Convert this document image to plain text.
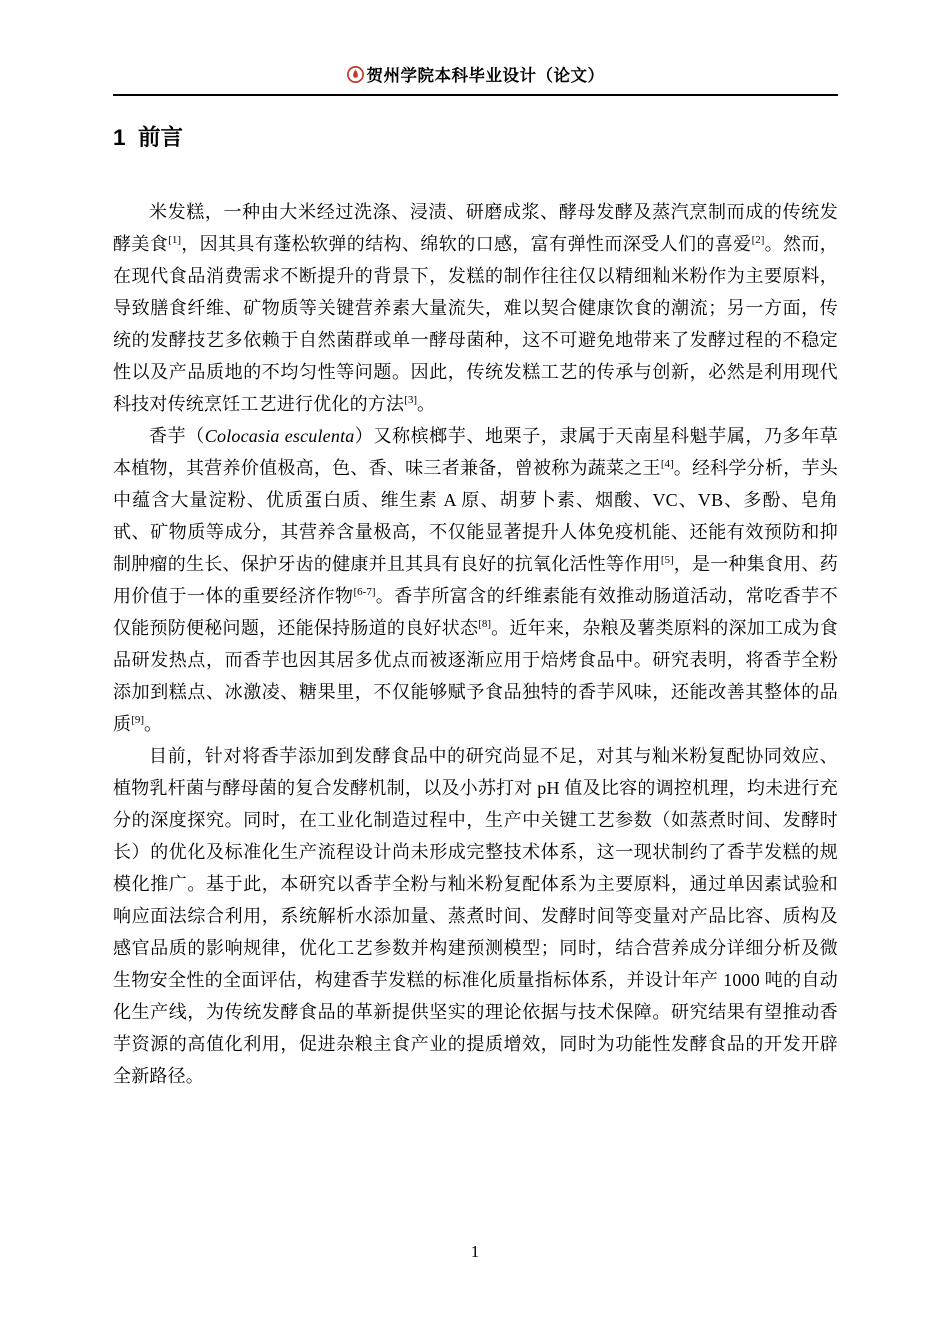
贺州学院本科毕业设计（论文）
1  前言

米发糕，一种由大米经过洗涤、浸渍、研磨成浆、酵母发酵及蒸汽烹制而成的传统发酵美食[1]，因其具有蓬松软弹的结构、绵软的口感，富有弹性而深受人们的喜爱[2]。然而，在现代食品消费需求不断提升的背景下，发糕的制作往往仅以精细籼米粉作为主要原料，导致膳食纤维、矿物质等关键营养素大量流失，难以契合健康饮食的潮流；另一方面，传统的发酵技艺多依赖于自然菌群或单一酵母菌种，这不可避免地带来了发酵过程的不稳定性以及产品质地的不均匀性等问题。因此，传统发糕工艺的传承与创新，必然是利用现代科技对传统烹饪工艺进行优化的方法[3]。

香芋（Colocasia esculenta）又称槟榔芋、地栗子，隶属于天南星科魁芋属，乃多年草本植物，其营养价值极高，色、香、味三者兼备，曾被称为蔬菜之王[4]。经科学分析，芋头中蕴含大量淀粉、优质蛋白质、维生素 A 原、胡萝卜素、烟酸、VC、VB、多酚、皂角甙、矿物质等成分，其营养含量极高，不仅能显著提升人体免疫机能、还能有效预防和抑制肿瘤的生长、保护牙齿的健康并且其具有良好的抗氧化活性等作用[5]，是一种集食用、药用价值于一体的重要经济作物[6-7]。香芋所富含的纤维素能有效推动肠道活动，常吃香芋不仅能预防便秘问题，还能保持肠道的良好状态[8]。近年来，杂粮及薯类原料的深加工成为食品研发热点，而香芋也因其居多优点而被逐渐应用于焙烤食品中。研究表明，将香芋全粉添加到糕点、冰激凌、糖果里，不仅能够赋予食品独特的香芋风味，还能改善其整体的品质[9]。

目前，针对将香芋添加到发酵食品中的研究尚显不足，对其与籼米粉复配协同效应、植物乳杆菌与酵母菌的复合发酵机制，以及小苏打对 pH 值及比容的调控机理，均未进行充分的深度探究。同时，在工业化制造过程中，生产中关键工艺参数（如蒸煮时间、发酵时长）的优化及标准化生产流程设计尚未形成完整技术体系，这一现状制约了香芋发糕的规模化推广。基于此，本研究以香芋全粉与籼米粉复配体系为主要原料，通过单因素试验和响应面法综合利用，系统解析水添加量、蒸煮时间、发酵时间等变量对产品比容、质构及感官品质的影响规律，优化工艺参数并构建预测模型；同时，结合营养成分详细分析及微生物安全性的全面评估，构建香芋发糕的标准化质量指标体系，并设计年产 1000 吨的自动化生产线，为传统发酵食品的革新提供坚实的理论依据与技术保障。研究结果有望推动香芋资源的高值化利用，促进杂粮主食产业的提质增效，同时为功能性发酵食品的开发开辟全新路径。

1
